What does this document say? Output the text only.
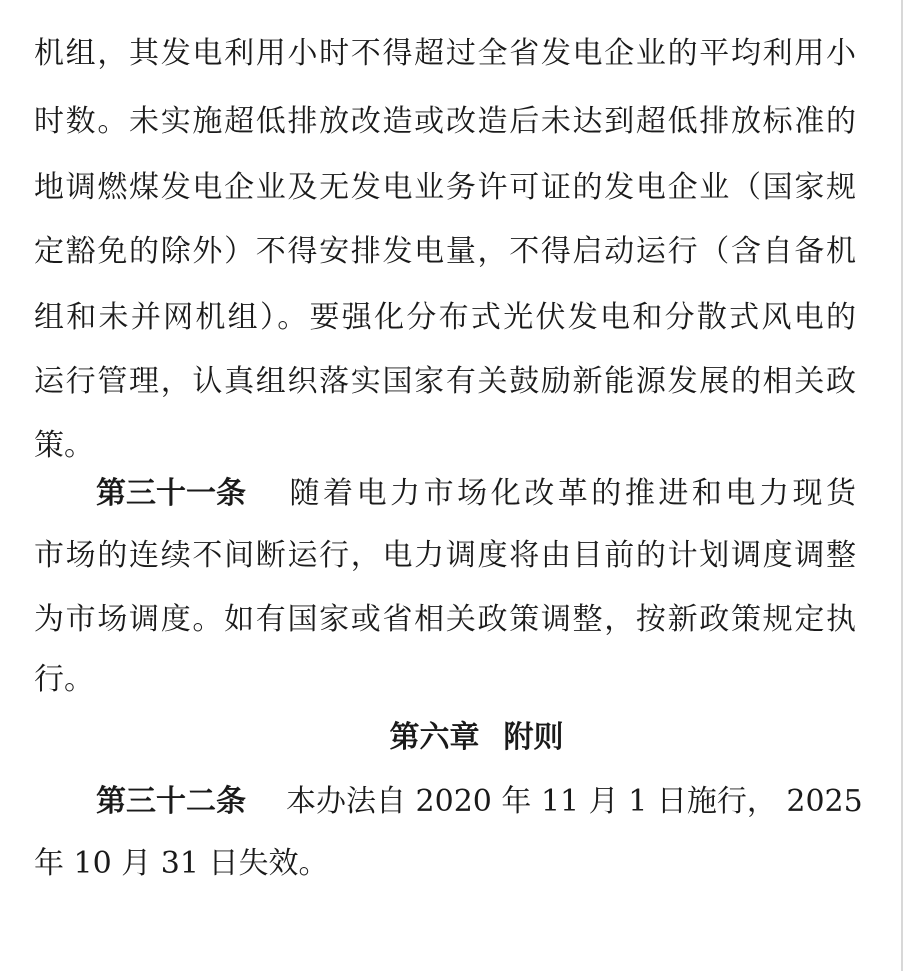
机组，其发电利用小时不得超过全省发电企业的平均利用小
时数。未实施超低排放改造或改造后未达到超低排放标准的
地调燃煤发电企业及无发电业务许可证的发电企业（国家规
定豁免的除外）不得安排发电量，不得启动运行（含自备机
组和未并网机组）。要强化分布式光伏发电和分散式风电的
运行管理，认真组织落实国家有关鼓励新能源发展的相关政
策。
第三十一条 随着电力市场化改革的推进和电力现货
市场的连续不间断运行，电力调度将由目前的计划调度调整
为市场调度。如有国家或省相关政策调整，按新政策规定执
行。
第六章 附则
第三十二条 本办法自 2020 年 11 月 1 日施行， 2025
年 10 月 31 日失效。
